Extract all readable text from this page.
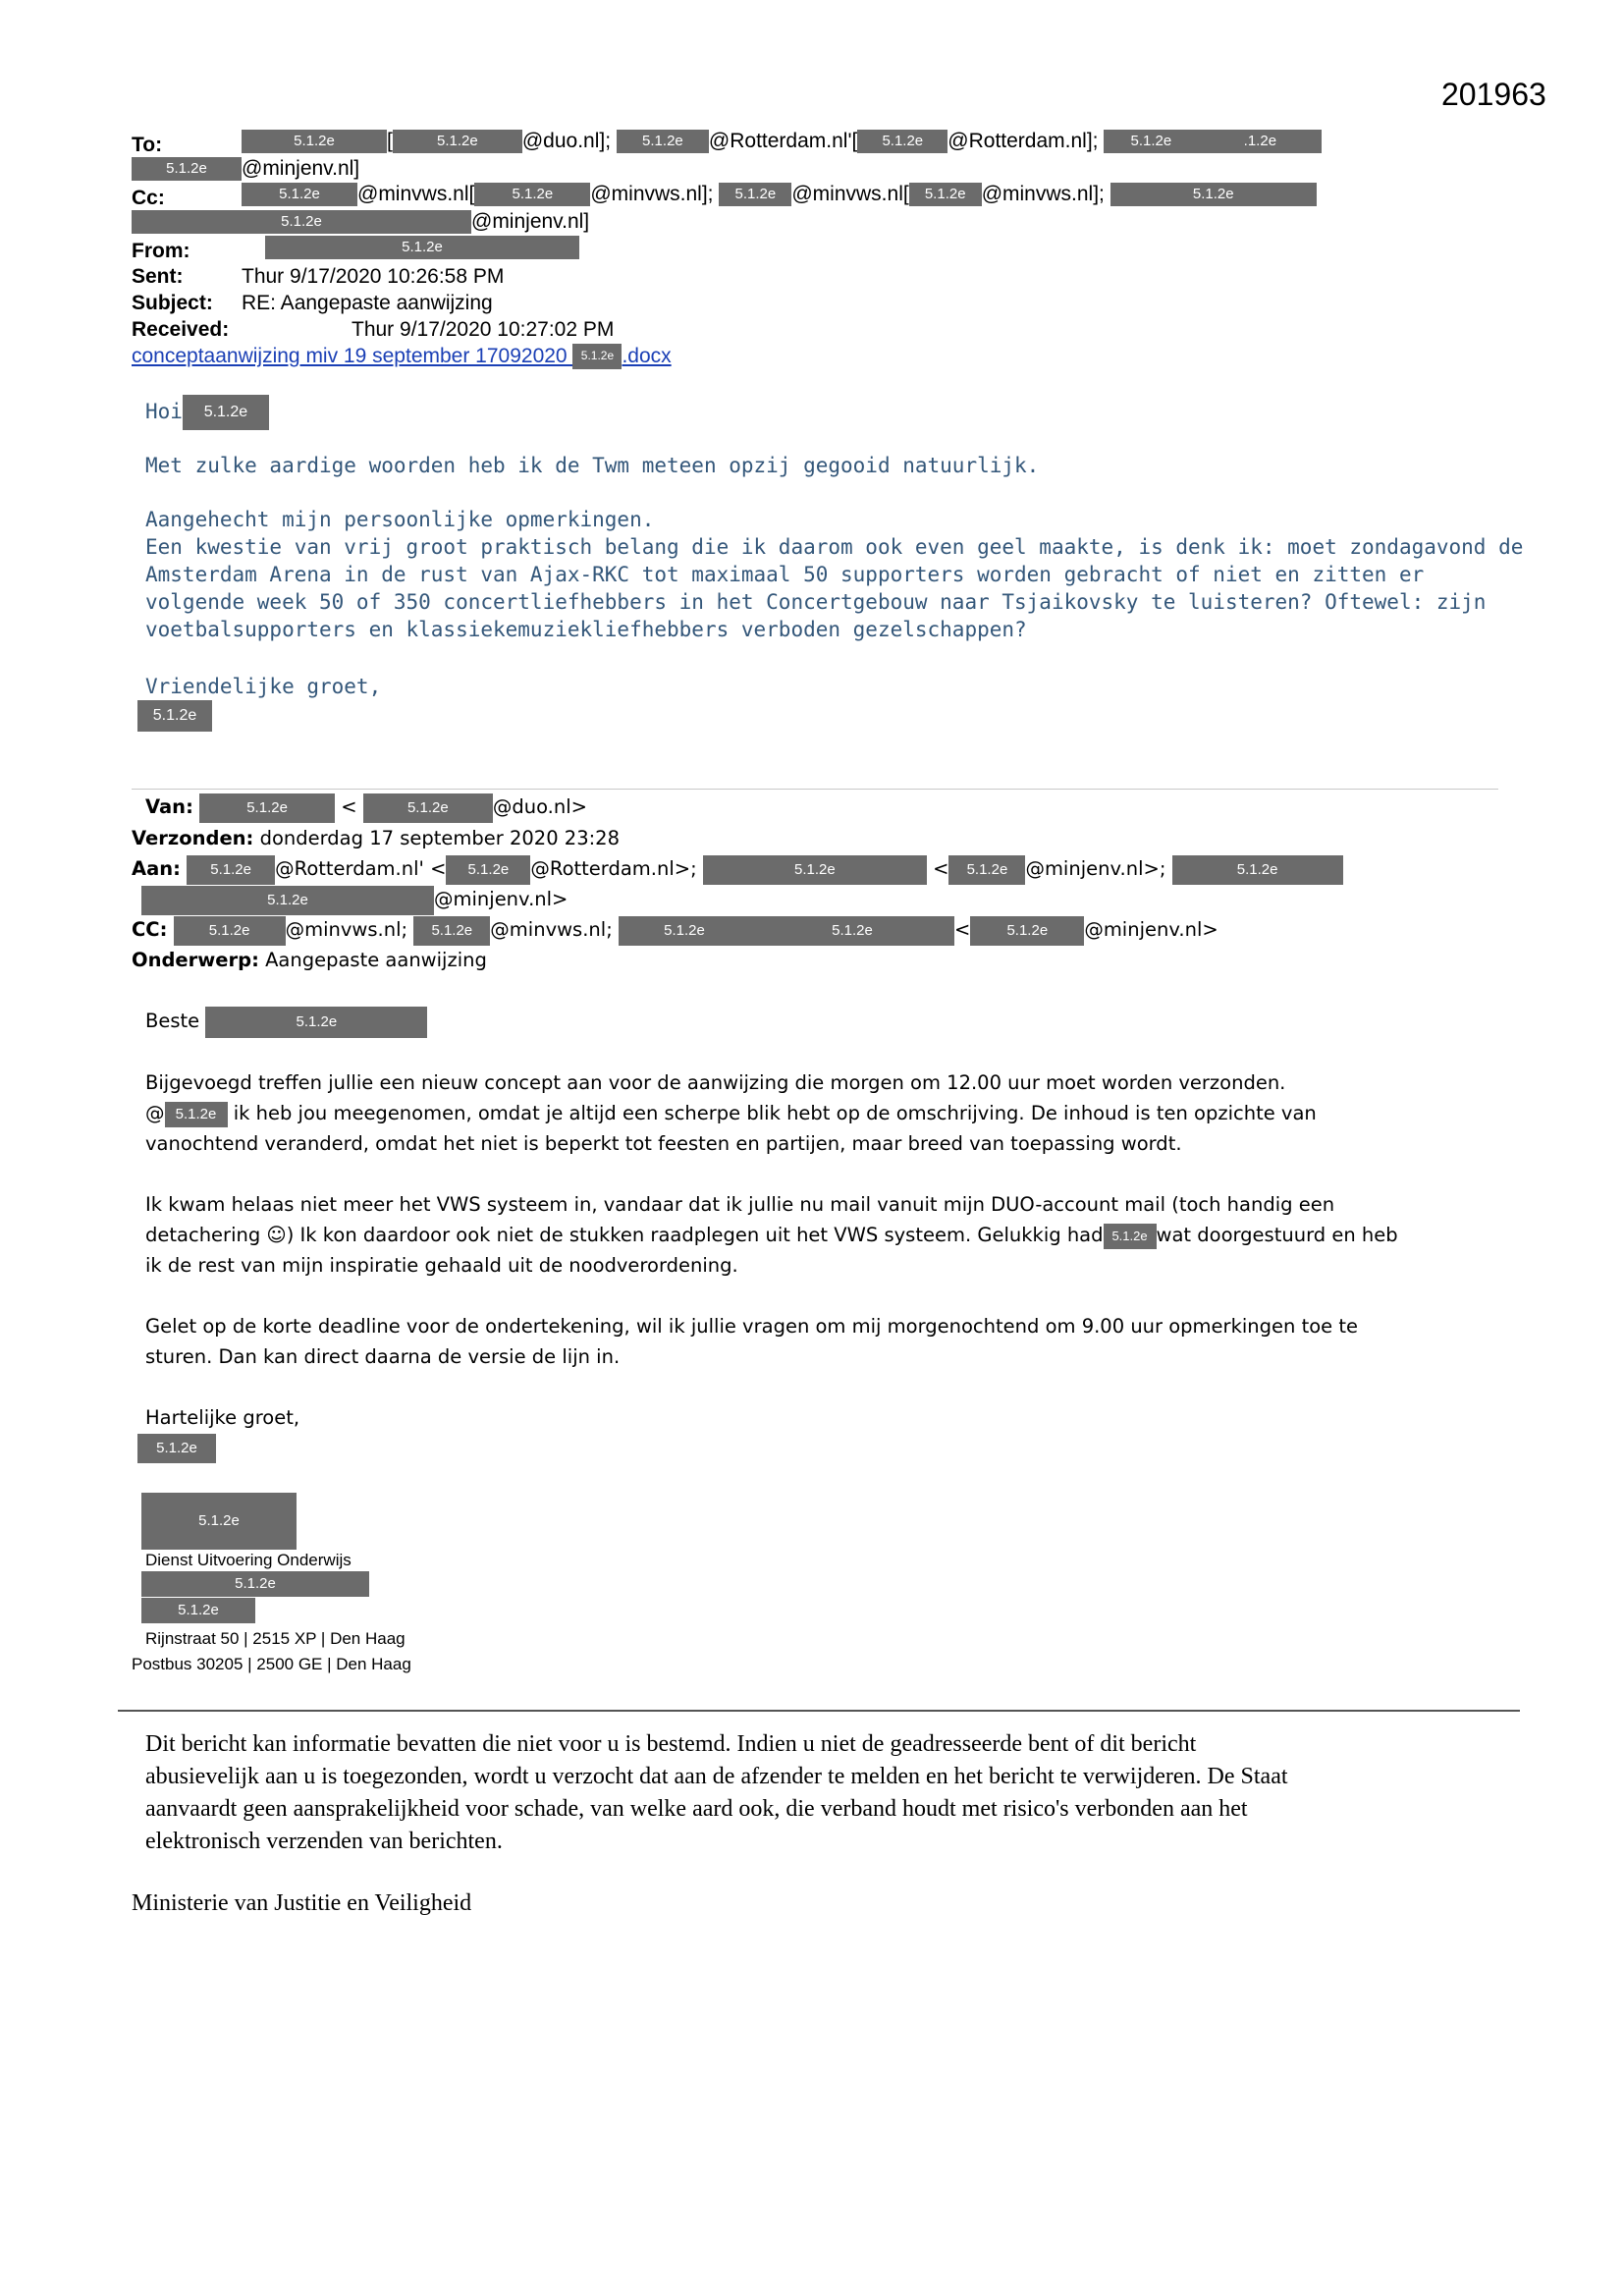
201963
To:	5.1.2e	[	5.1.2e @duo.nl]; 5.1.2e @Rotterdam.nl'[ 5.1.2e @Rotterdam.nl]; 5.1.2e	.1.2e
5.1.2e @minjenv.nl]
Cc:	5.1.2e @minvws.nl[	5.1.2e @minvws.nl]; 5.1.2e @minvws.nl[ 5.1.2e @minvws.nl];	5.1.2e
5.1.2e	@minjenv.nl]
From:	5.1.2e
Sent:	Thur 9/17/2020 10:26:58 PM
Subject: RE: Aangepaste aanwijzing
Received:	Thur 9/17/2020 10:27:02 PM
conceptaanwijzing miv 19 september 17092020 5.1.2e .docx
Hoi 5.1.2e
Met zulke aardige woorden heb ik de Twm meteen opzij gegooid natuurlijk.
Aangehecht mijn persoonlijke opmerkingen.
Een kwestie van vrij groot praktisch belang die ik daarom ook even geel maakte, is denk ik: moet zondagavond de
Amsterdam Arena in de rust van Ajax-RKC tot maximaal 50 supporters worden gebracht of niet en zitten er
volgende week 50 of 350 concertliefhebbers in het Concertgebouw naar Tsjaikovsky te luisteren? Oftewel: zijn
voetbalsupporters en klassiekemuziekliefhebbers verboden gezelschappen?
Vriendelijke groet,
5.1.2e
Van:	5.1.2e	<	5.1.2e @duo.nl>
Verzonden: donderdag 17 september 2020 23:28
Aan: 5.1.2e @Rotterdam.nl' < 5.1.2e @Rotterdam.nl>;	5.1.2e	< 5.1.2e @minjenv.nl>;	5.1.2e
5.1.2e	@minjenv.nl>
CC:	5.1.2e @minvws.nl; 5.1.2e @minvws.nl;	5.1.2e	5.1.2e	< 5.1.2e @minjenv.nl>
Onderwerp: Aangepaste aanwijzing
Beste	5.1.2e
Bijgevoegd treffen jullie een nieuw concept aan voor de aanwijzing die morgen om 12.00 uur moet worden verzonden.
@ 5.1.2e ik heb jou meegenomen, omdat je altijd een scherpe blik hebt op de omschrijving. De inhoud is ten opzichte van
vanochtend veranderd, omdat het niet is beperkt tot feesten en partijen, maar breed van toepassing wordt.
Ik kwam helaas niet meer het VWS systeem in, vandaar dat ik jullie nu mail vanuit mijn DUO-account mail (toch handig een
detachering ☺) Ik kon daardoor ook niet de stukken raadplegen uit het VWS systeem. Gelukkig had 5.1.2e wat doorgestuurd en heb
ik de rest van mijn inspiratie gehaald uit de noodverordening.
Gelet op de korte deadline voor de ondertekening, wil ik jullie vragen om mij morgenochtend om 9.00 uur opmerkingen toe te
sturen. Dan kan direct daarna de versie de lijn in.
Hartelijke groet,
5.1.2e
5.1.2e
Dienst Uitvoering Onderwijs
5.1.2e
5.1.2e
Rijnstraat 50 | 2515 XP | Den Haag
Postbus 30205 | 2500 GE | Den Haag
Dit bericht kan informatie bevatten die niet voor u is bestemd. Indien u niet de geadresseerde bent of dit bericht
abusievelijk aan u is toegezonden, wordt u verzocht dat aan de afzender te melden en het bericht te verwijderen. De Staat
aanvaardt geen aansprakelijkheid voor schade, van welke aard ook, die verband houdt met risico's verbonden aan het
elektronisch verzenden van berichten.
Ministerie van Justitie en Veiligheid
